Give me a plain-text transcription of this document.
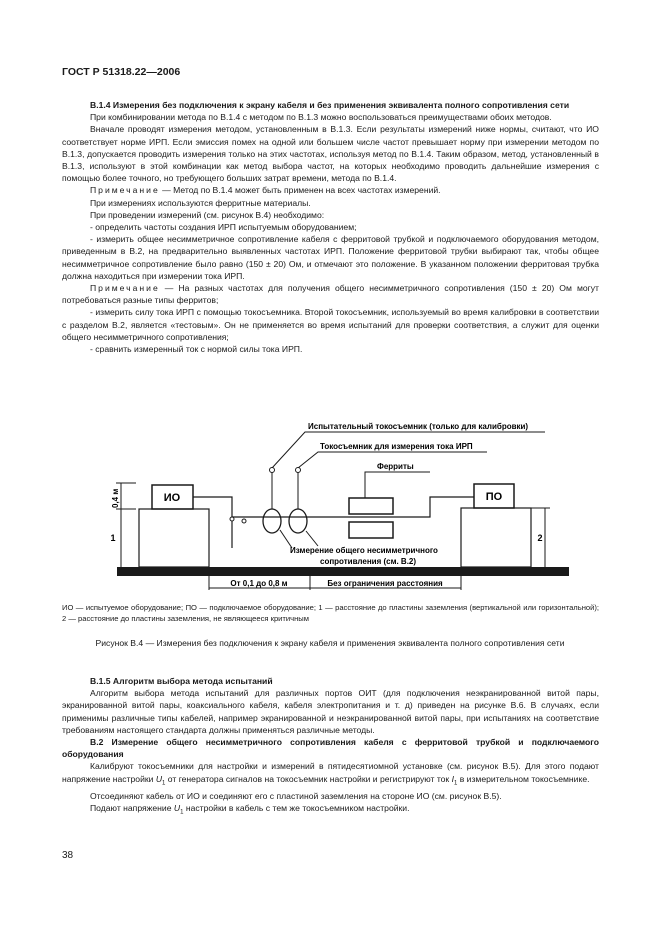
ГОСТ Р 51318.22—2006

В.1.4 Измерения без подключения к экрану кабеля и без применения эквивалента полного сопротивления сети

При комбинировании метода по В.1.4 с методом по В.1.3 можно воспользоваться преимуществами обоих методов.

Вначале проводят измерения методом, установленным в В.1.3. Если результаты измерений ниже нормы, считают, что ИО соответствует норме ИРП. Если эмиссия помех на одной или большем числе частот превышает норму при измерении методом по В.1.3, допускается проводить измерения только на этих частотах, используя метод по В.1.4. Таким образом, метод, установленный в В.1.3, используют в этой комбинации как метод выбора частот, на которых необходимо проводить дальнейшие измерения с помощью более точного, но требующего больших затрат времени, метода по В.1.4.

Примечание — Метод по В.1.4 может быть применен на всех частотах измерений.

При измерениях используются ферритные материалы.

При проведении измерений (см. рисунок В.4) необходимо:

- определить частоты создания ИРП испытуемым оборудованием;

- измерить общее несимметричное сопротивление кабеля с ферритовой трубкой и подключаемого оборудования методом, приведенным в В.2, на предварительно выявленных частотах ИРП. Положение ферритовой трубки выбирают так, чтобы общее несимметричное сопротивление было равно (150 ± 20) Ом, и отмечают это положение. В указанном положении ферритовая трубка должна находиться при измерении тока ИРП.

Примечание — На разных частотах для получения общего несимметричного сопротивления (150 ± 20) Ом могут потребоваться разные типы ферритов;

- измерить силу тока ИРП с помощью токосъемника. Второй токосъемник, используемый во время калибровки в соответствии с разделом В.2, является «тестовым». Он не применяется во время испытаний для проверки соответствия, а служит для оценки общего несимметричного сопротивления;

- сравнить измеренный ток с нормой силы тока ИРП.

ИО	ПО
Испытательный токосъемник (только для калибровки)
Токосъемник для измерения тока ИРП
Ферриты
Измерение общего несимметричного
сопротивления (см. В.2)
0,4 м
1	2
От 0,1 до 0,8 м	Без ограничения расстояния
ИО — испытуемое оборудование; ПО — подключаемое оборудование; 1 — расстояние до пластины заземления (вертикальной или горизонтальной); 2 — расстояние до пластины заземления, не являющееся критичным
Рисунок В.4 — Измерения без подключения к экрану кабеля и применения эквивалента полного сопротивления сети

В.1.5 Алгоритм выбора метода испытаний

Алгоритм выбора метода испытаний для различных портов ОИТ (для подключения неэкранированной витой пары, экранированной витой пары, коаксиального кабеля, кабеля электропитания и т. д) приведен на рисунке В.6. В случаях, если применимы различные типы кабелей, например экранированной и неэкранированной витой пары, при испытаниях на соответствие требованиям настоящего стандарта должны применяться различные методы.

В.2 Измерение общего несимметричного сопротивления кабеля с ферритовой трубкой и подключаемого оборудования

Калибруют токосъемники для настройки и измерений в пятидесятиомной установке (см. рисунок В.5). Для этого подают напряжение настройки $U_1$ от генератора сигналов на токосъемник настройки и регистрируют ток $I_1$ в измерительном токосъемнике.

Отсоединяют кабель от ИО и соединяют его с пластиной заземления на стороне ИО (см. рисунок В.5).

Подают напряжение $U_1$ настройки в кабель с тем же токосъемником настройки.

38
